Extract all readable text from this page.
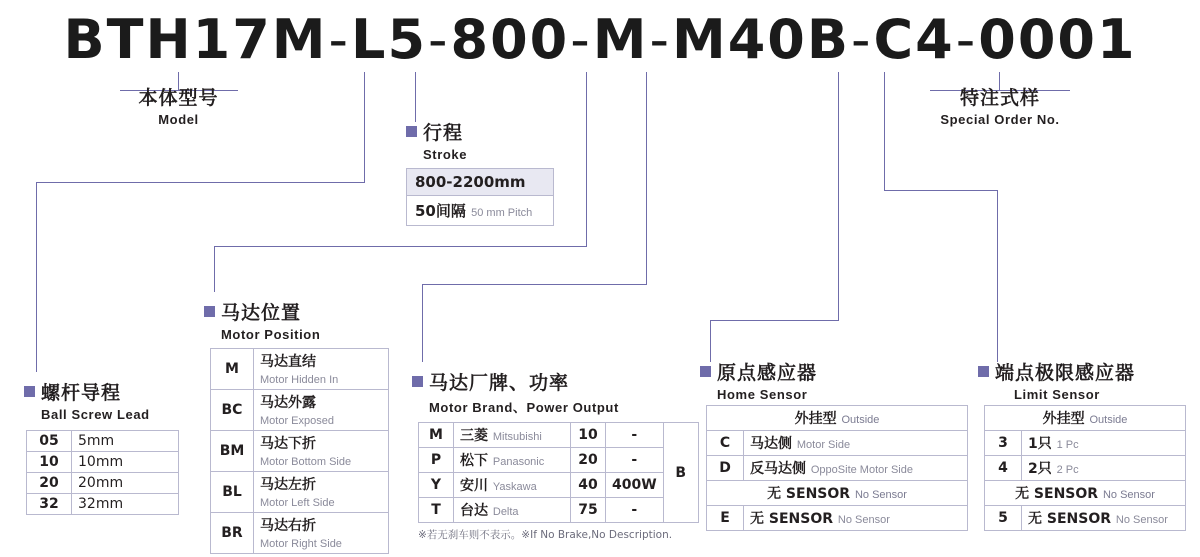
BTH17M-L5-800-M-M40B-C4-0001
本体型号
Model
特注式样
Special Order No.
行程
Stroke
800-2200mm
50间隔 50 mm Pitch
螺杆导程
Ball Screw Lead
05	5mm
10	10mm
20	20mm
32	32mm
马达位置
Motor Position
M	马达直结
Motor Hidden In
BC	马达外露
Motor Exposed
BM	马达下折
Motor Bottom Side
BL	马达左折
Motor Left Side
BR	马达右折
Motor Right Side
马达厂牌、功率
Motor Brand、Power Output
M	三菱 Mitsubishi	10	-	B
P	松下 Panasonic	20	-	
Y	安川 Yaskawa	40	400W	
T	台达 Delta	75	-	
※若无刹车则不表示。※If No Brake,No Description.
原点感应器
Home Sensor
外挂型 Outside	
C	马达侧 Motor Side
D	反马达侧 OppoSite Motor Side
无 SENSOR No Sensor	
E	无 SENSOR No Sensor
端点极限感应器
Limit Sensor
外挂型 Outside	
3	1只 1 Pc
4	2只 2 Pc
无 SENSOR No Sensor	
5	无 SENSOR No Sensor
